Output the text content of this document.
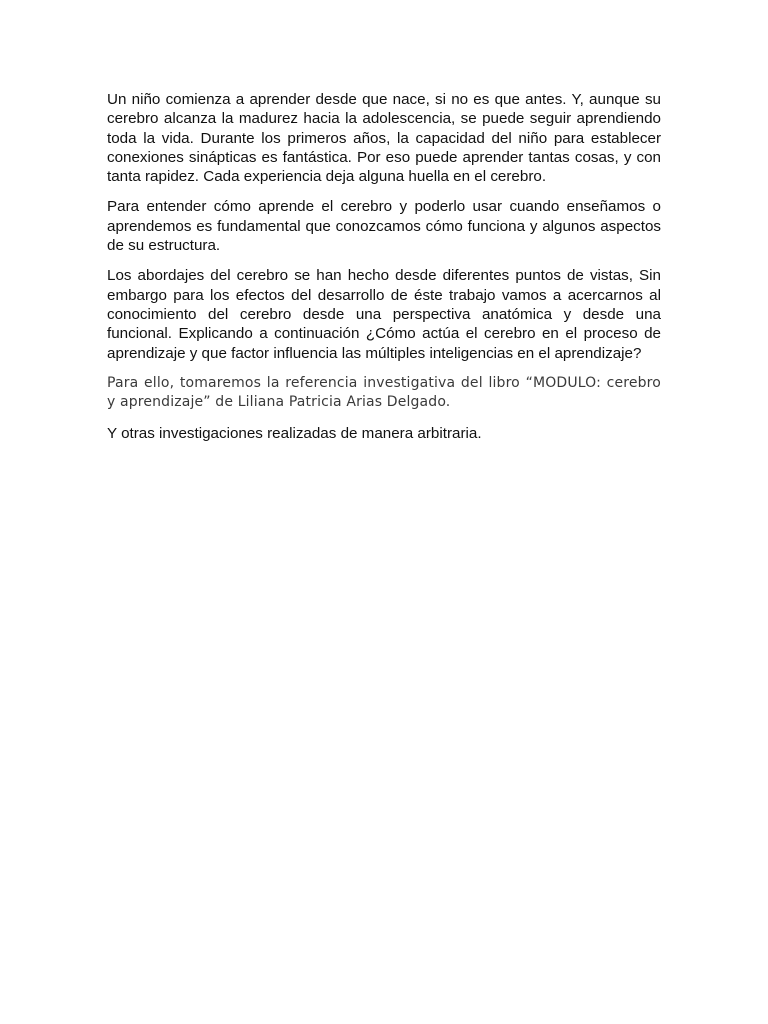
Un niño comienza a aprender desde que nace, si no es que antes. Y, aunque su cerebro alcanza la madurez hacia la adolescencia, se puede seguir aprendiendo toda la vida. Durante los primeros años, la capacidad del niño para establecer conexiones sinápticas es fantástica. Por eso puede aprender tantas cosas, y con tanta rapidez. Cada experiencia deja alguna huella en el cerebro.

Para entender cómo aprende el cerebro y poderlo usar cuando enseñamos o aprendemos es fundamental que conozcamos cómo funciona y algunos aspectos de su estructura.

Los abordajes del cerebro se han hecho desde diferentes puntos de vistas, Sin embargo para los efectos del desarrollo de éste trabajo vamos a acercarnos al conocimiento del cerebro desde una perspectiva anatómica y desde una funcional. Explicando a continuación ¿Cómo actúa el cerebro en el proceso de aprendizaje y que factor influencia las múltiples inteligencias en el aprendizaje?

Para ello, tomaremos la referencia investigativa del libro “MODULO: cerebro y aprendizaje” de Liliana Patricia Arias Delgado.

Y otras investigaciones realizadas de manera arbitraria.
